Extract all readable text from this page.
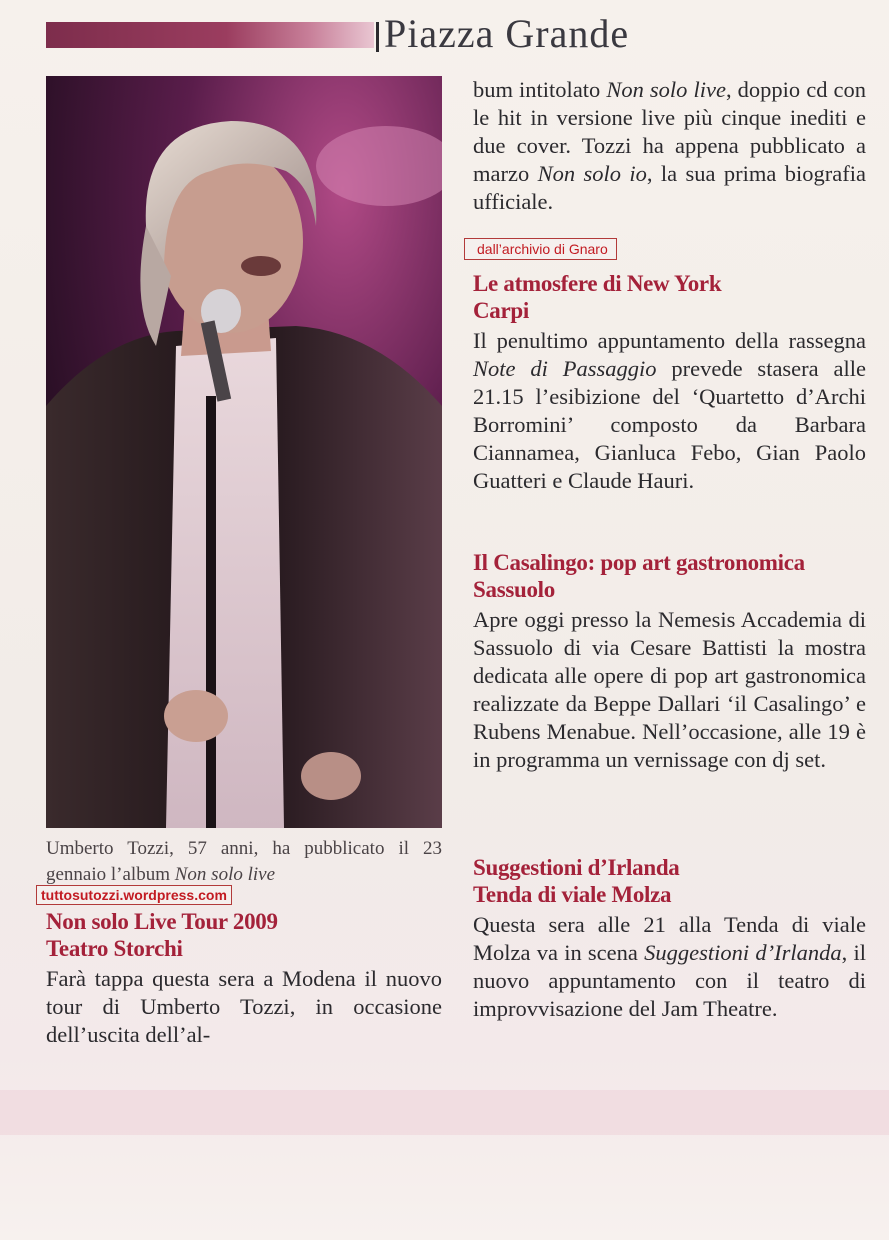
Piazza Grande
Umberto Tozzi, 57 anni, ha pubblicato il 23 gennaio l’album Non solo live
tuttosutozzi.wordpress.com
Non solo Live Tour 2009
Teatro Storchi

Farà tappa questa sera a Modena il nuovo tour di Umberto Tozzi, in occasione dell’uscita dell’al-

bum intitolato Non solo live, doppio cd con le hit in versione live più cinque inediti e due cover. Tozzi ha appena pubblicato a marzo Non solo io, la sua prima biografia ufficiale.

dall’archivio di Gnaro
Le atmosfere di New York
Carpi

Il penultimo appuntamento della rassegna Note di Passaggio prevede stasera alle 21.15 l’esibizione del ‘Quartetto d’Archi Borromini’ composto da Barbara Ciannamea, Gianluca Febo, Gian Paolo Guatteri e Claude Hauri.

Il Casalingo: pop art gastronomica
Sassuolo

Apre oggi presso la Nemesis Accademia di Sassuolo di via Cesare Battisti la mostra dedicata alle opere di pop art gastronomica realizzate da Beppe Dallari ‘il Casalingo’ e Rubens Menabue. Nell’occasione, alle 19 è in programma un vernissage con dj set.

Suggestioni d’Irlanda
Tenda di viale Molza

Questa sera alle 21 alla Tenda di viale Molza va in scena Suggestioni d’Irlanda, il nuovo appuntamento con il teatro di improvvisazione del Jam Theatre.
